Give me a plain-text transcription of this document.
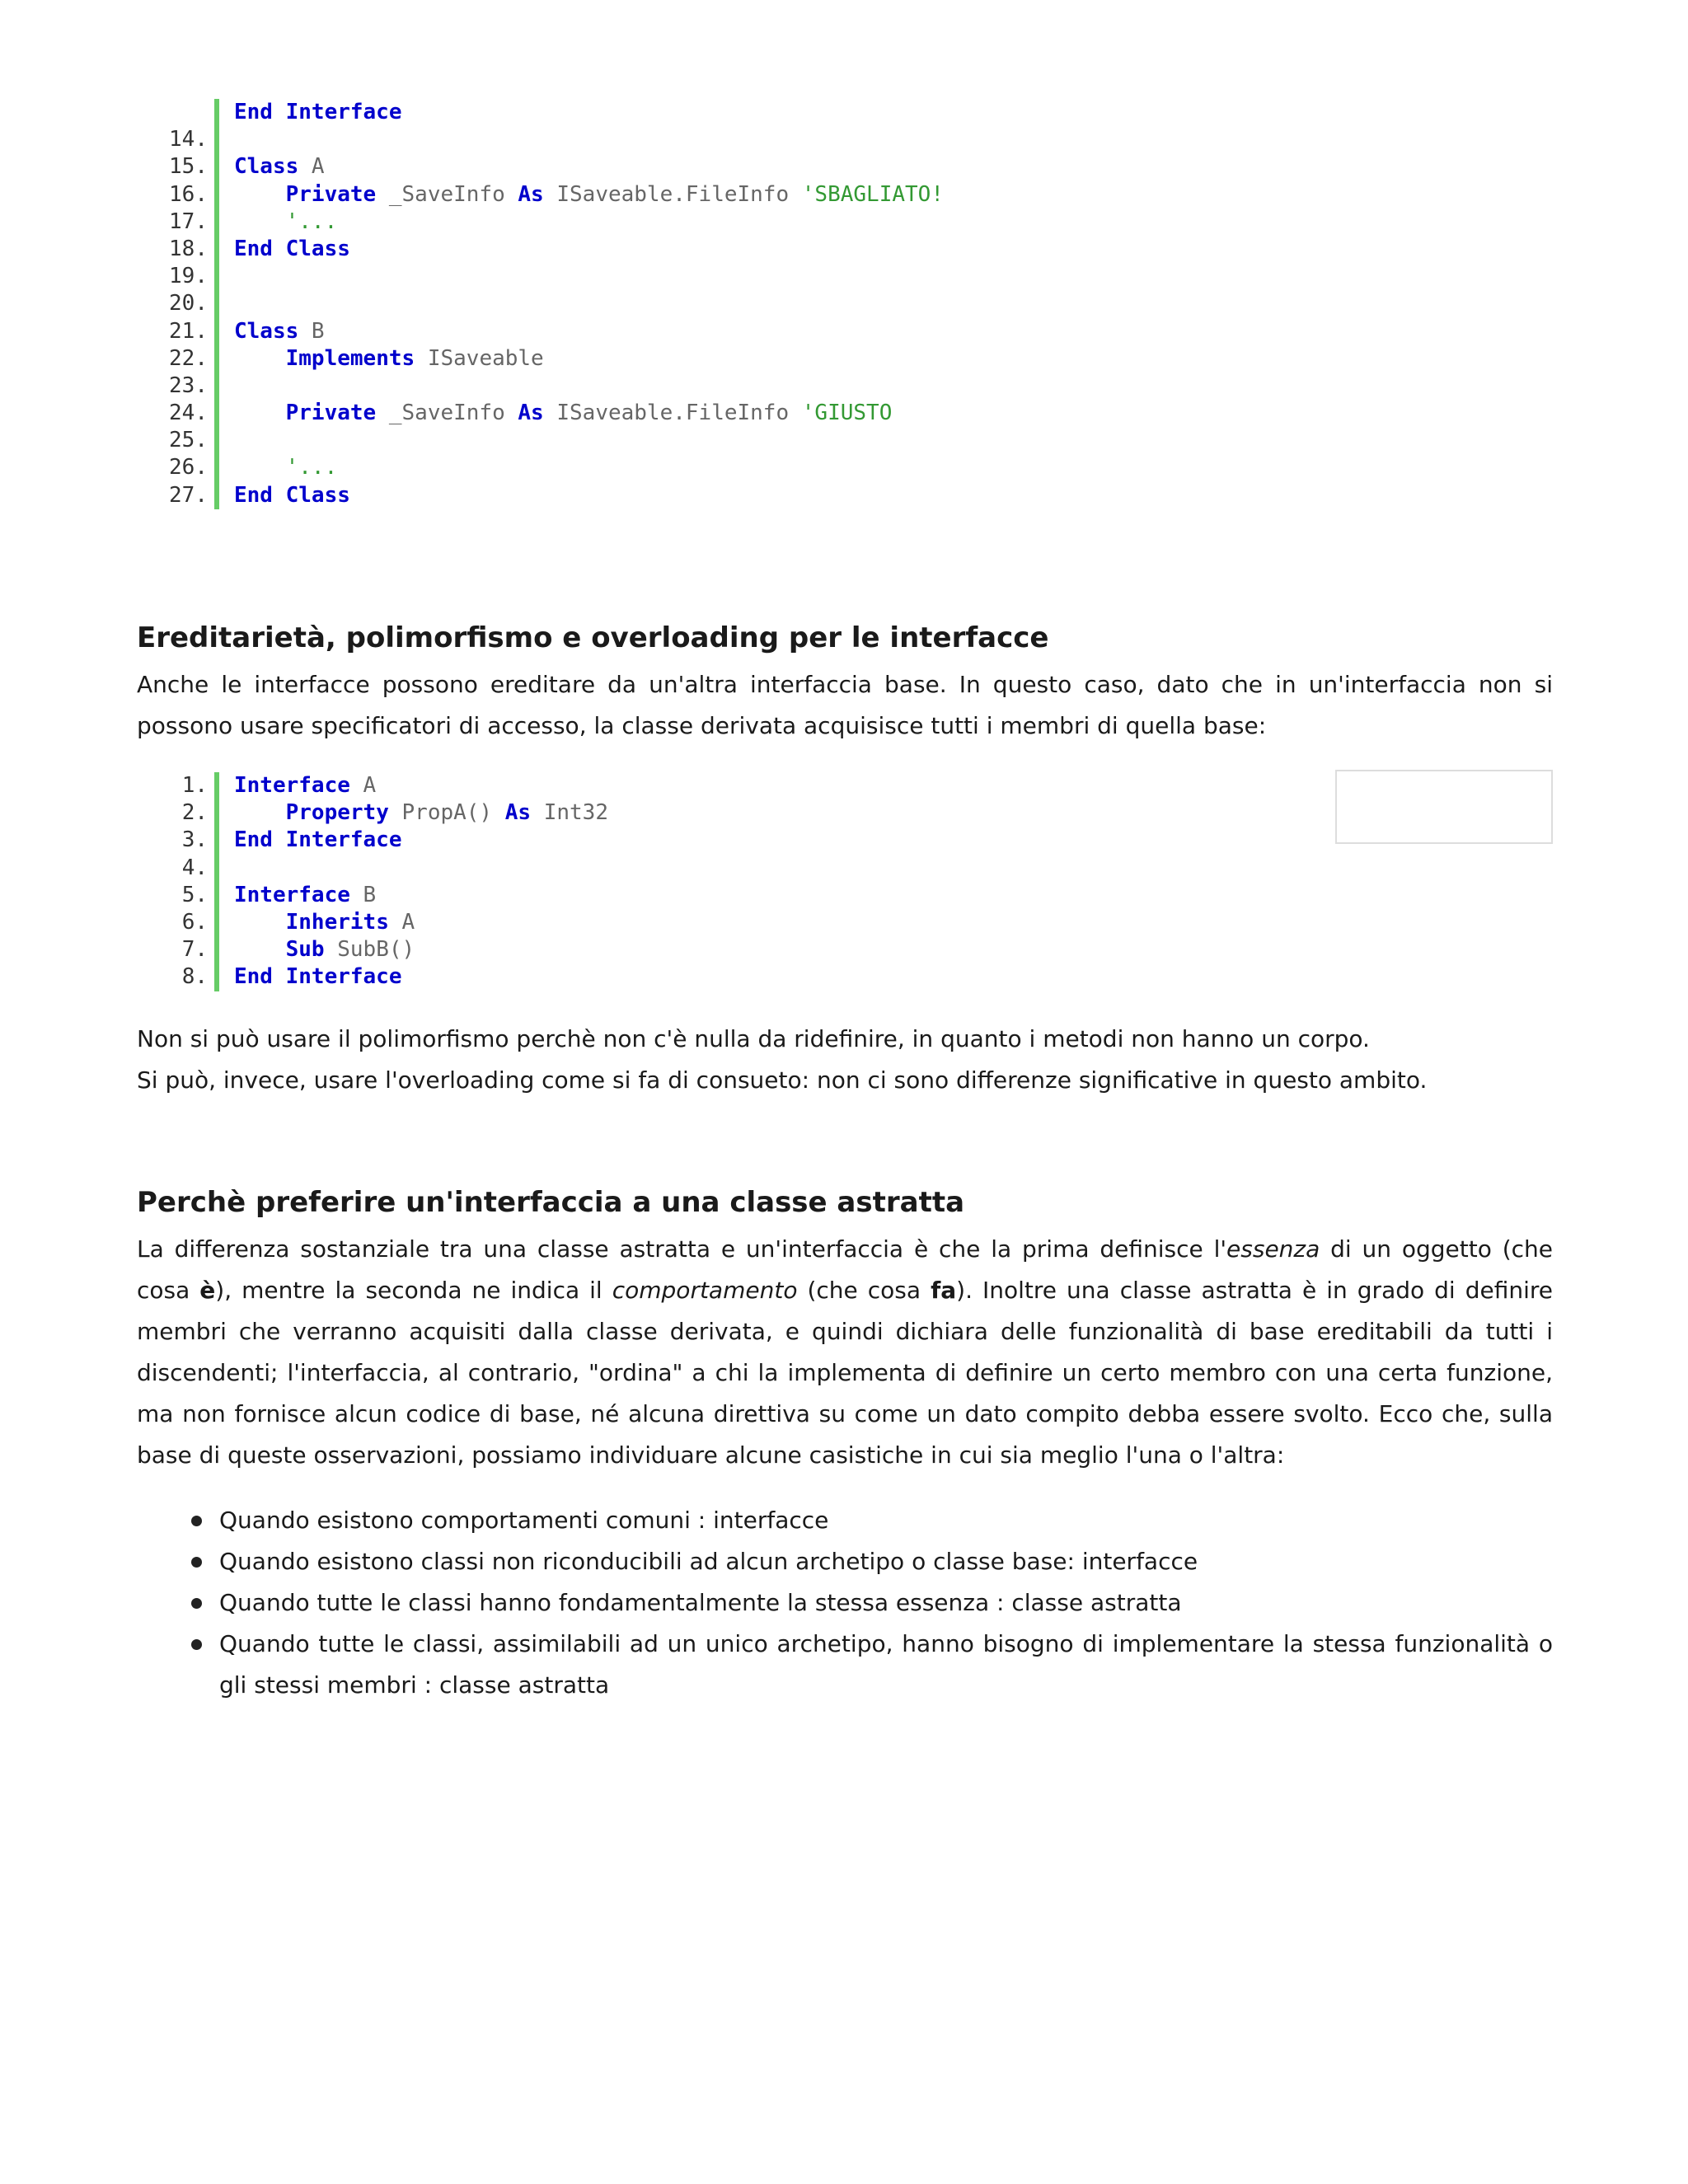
End Interface
14.
15.	Class A
16.	Private _SaveInfo As ISaveable.FileInfo 'SBAGLIATO!
17.	'...
18.	End Class
19.
20.
21.	Class B
22.	Implements ISaveable
23.
24.	Private _SaveInfo As ISaveable.FileInfo 'GIUSTO
25.
26.	'...
27.	End Class
Ereditarietà, polimorfismo e overloading per le interfacce

Anche le interfacce possono ereditare da un'altra interfaccia base. In questo caso, dato che in un'interfaccia non si possono usare specificatori di accesso, la classe derivata acquisisce tutti i membri di quella base:

1.	Interface A
2.	Property PropA() As Int32
3.	End Interface
4.
5.	Interface B
6.	Inherits A
7.	Sub SubB()
8.	End Interface

Non si può usare il polimorfismo perchè non c'è nulla da ridefinire, in quanto i metodi non hanno un corpo.

Si può, invece, usare l'overloading come si fa di consueto: non ci sono differenze significative in questo ambito.

Perchè preferire un'interfaccia a una classe astratta

La differenza sostanziale tra una classe astratta e un'interfaccia è che la prima definisce l'essenza di un oggetto (che cosa è), mentre la seconda ne indica il comportamento (che cosa fa). Inoltre una classe astratta è in grado di definire membri che verranno acquisiti dalla classe derivata, e quindi dichiara delle funzionalità di base ereditabili da tutti i discendenti; l'interfaccia, al contrario, "ordina" a chi la implementa di definire un certo membro con una certa funzione, ma non fornisce alcun codice di base, né alcuna direttiva su come un dato compito debba essere svolto. Ecco che, sulla base di queste osservazioni, possiamo individuare alcune casistiche in cui sia meglio l'una o l'altra:

Quando esistono comportamenti comuni : interfacce
Quando esistono classi non riconducibili ad alcun archetipo o classe base: interfacce
Quando tutte le classi hanno fondamentalmente la stessa essenza : classe astratta
Quando tutte le classi, assimilabili ad un unico archetipo, hanno bisogno di implementare la stessa funzionalità o gli stessi membri : classe astratta
